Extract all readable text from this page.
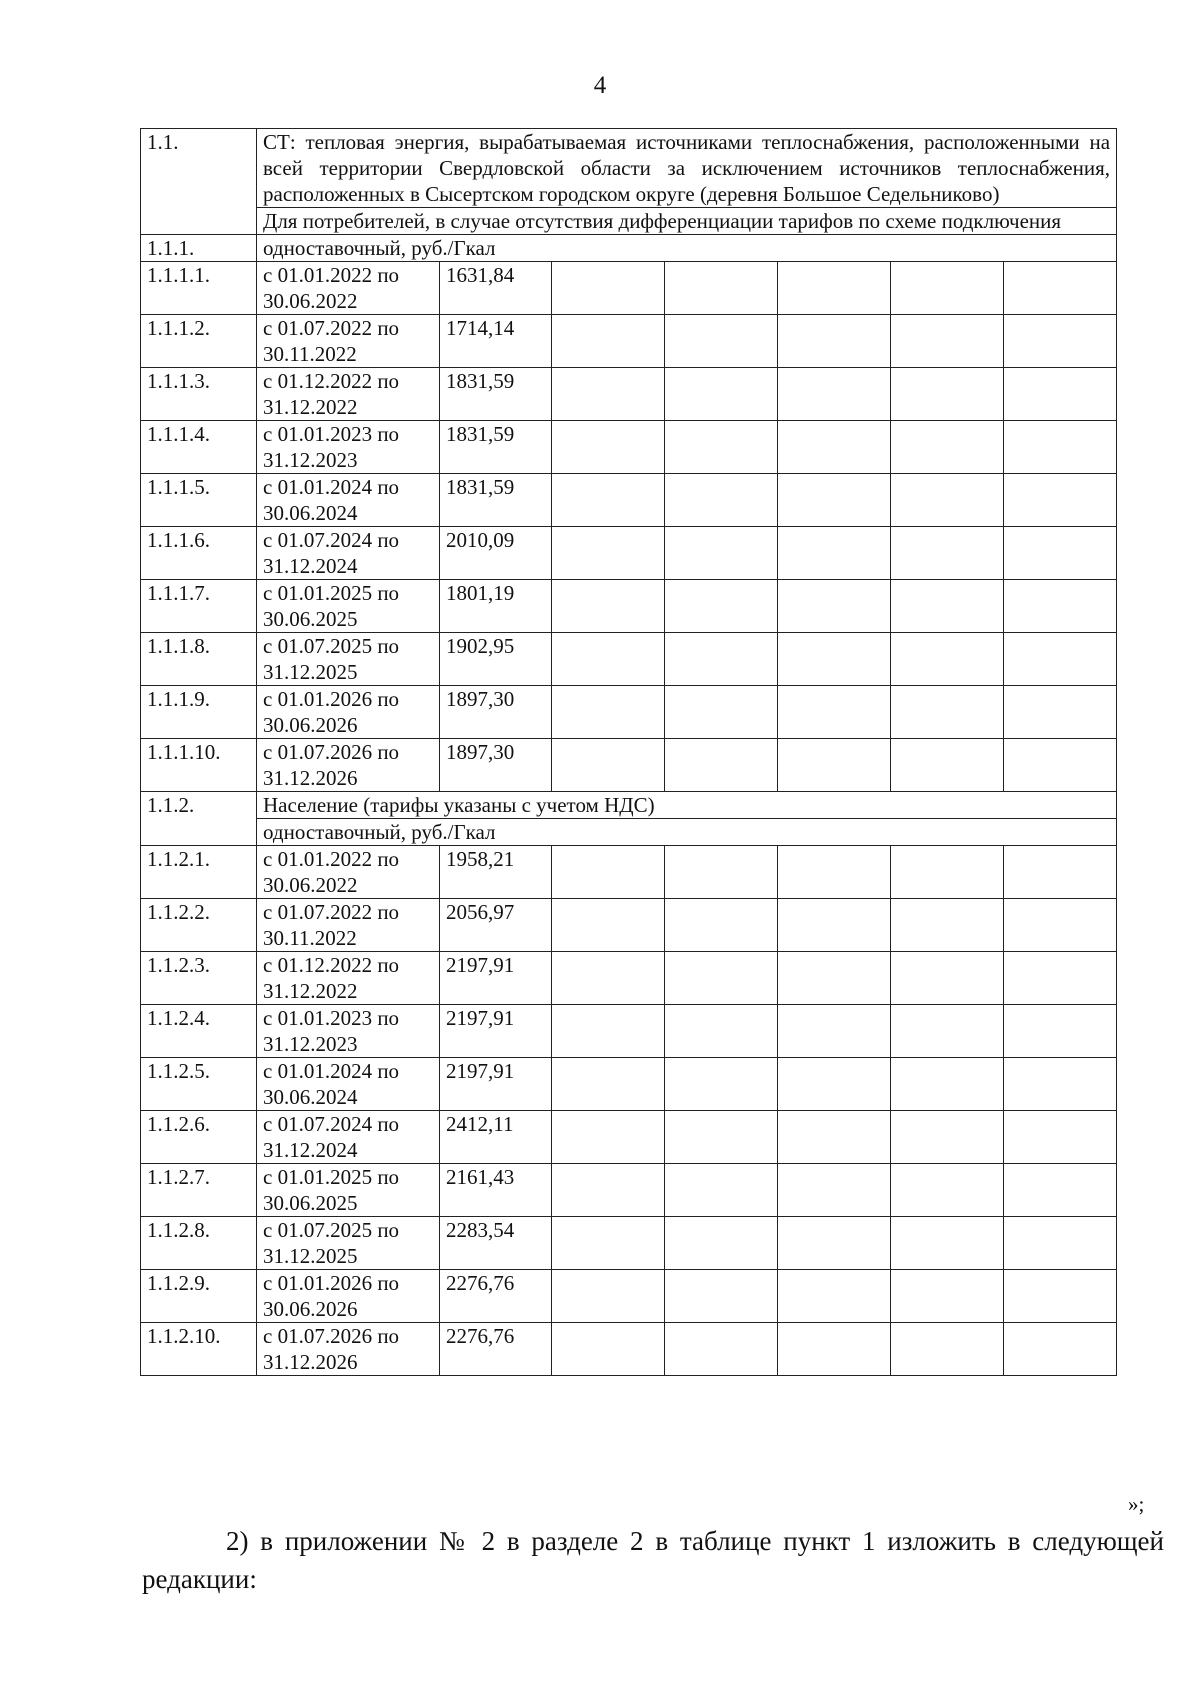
4
1.1.	СТ: тепловая энергия, вырабатываемая источниками теплоснабжения, расположенными на всей территории Свердловской области за исключением источников теплоснабжения, расположенных в Сысертском городском округе (деревня Большое Седельниково)						
	Для потребителей, в случае отсутствия дифференциации тарифов по схеме подключения						
1.1.1.	одноставочный, руб./Гкал						
1.1.1.1.	с 01.01.2022 по 30.06.2022	1631,84					
1.1.1.2.	с 01.07.2022 по 30.11.2022	1714,14					
1.1.1.3.	с 01.12.2022 по 31.12.2022	1831,59					
1.1.1.4.	с 01.01.2023 по 31.12.2023	1831,59					
1.1.1.5.	с 01.01.2024 по 30.06.2024	1831,59					
1.1.1.6.	с 01.07.2024 по 31.12.2024	2010,09					
1.1.1.7.	с 01.01.2025 по 30.06.2025	1801,19					
1.1.1.8.	с 01.07.2025 по 31.12.2025	1902,95					
1.1.1.9.	с 01.01.2026 по 30.06.2026	1897,30					
1.1.1.10.	с 01.07.2026 по 31.12.2026	1897,30					
1.1.2.	Население (тарифы указаны с учетом НДС)						
	одноставочный, руб./Гкал						
1.1.2.1.	с 01.01.2022 по 30.06.2022	1958,21					
1.1.2.2.	с 01.07.2022 по 30.11.2022	2056,97					
1.1.2.3.	с 01.12.2022 по 31.12.2022	2197,91					
1.1.2.4.	с 01.01.2023 по 31.12.2023	2197,91					
1.1.2.5.	с 01.01.2024 по 30.06.2024	2197,91					
1.1.2.6.	с 01.07.2024 по 31.12.2024	2412,11					
1.1.2.7.	с 01.01.2025 по 30.06.2025	2161,43					
1.1.2.8.	с 01.07.2025 по 31.12.2025	2283,54					
1.1.2.9.	с 01.01.2026 по 30.06.2026	2276,76					
1.1.2.10.	с 01.07.2026 по 31.12.2026	2276,76					
»;
2) в приложении № 2 в разделе 2 в таблице пункт 1 изложить в следующей редакции:
